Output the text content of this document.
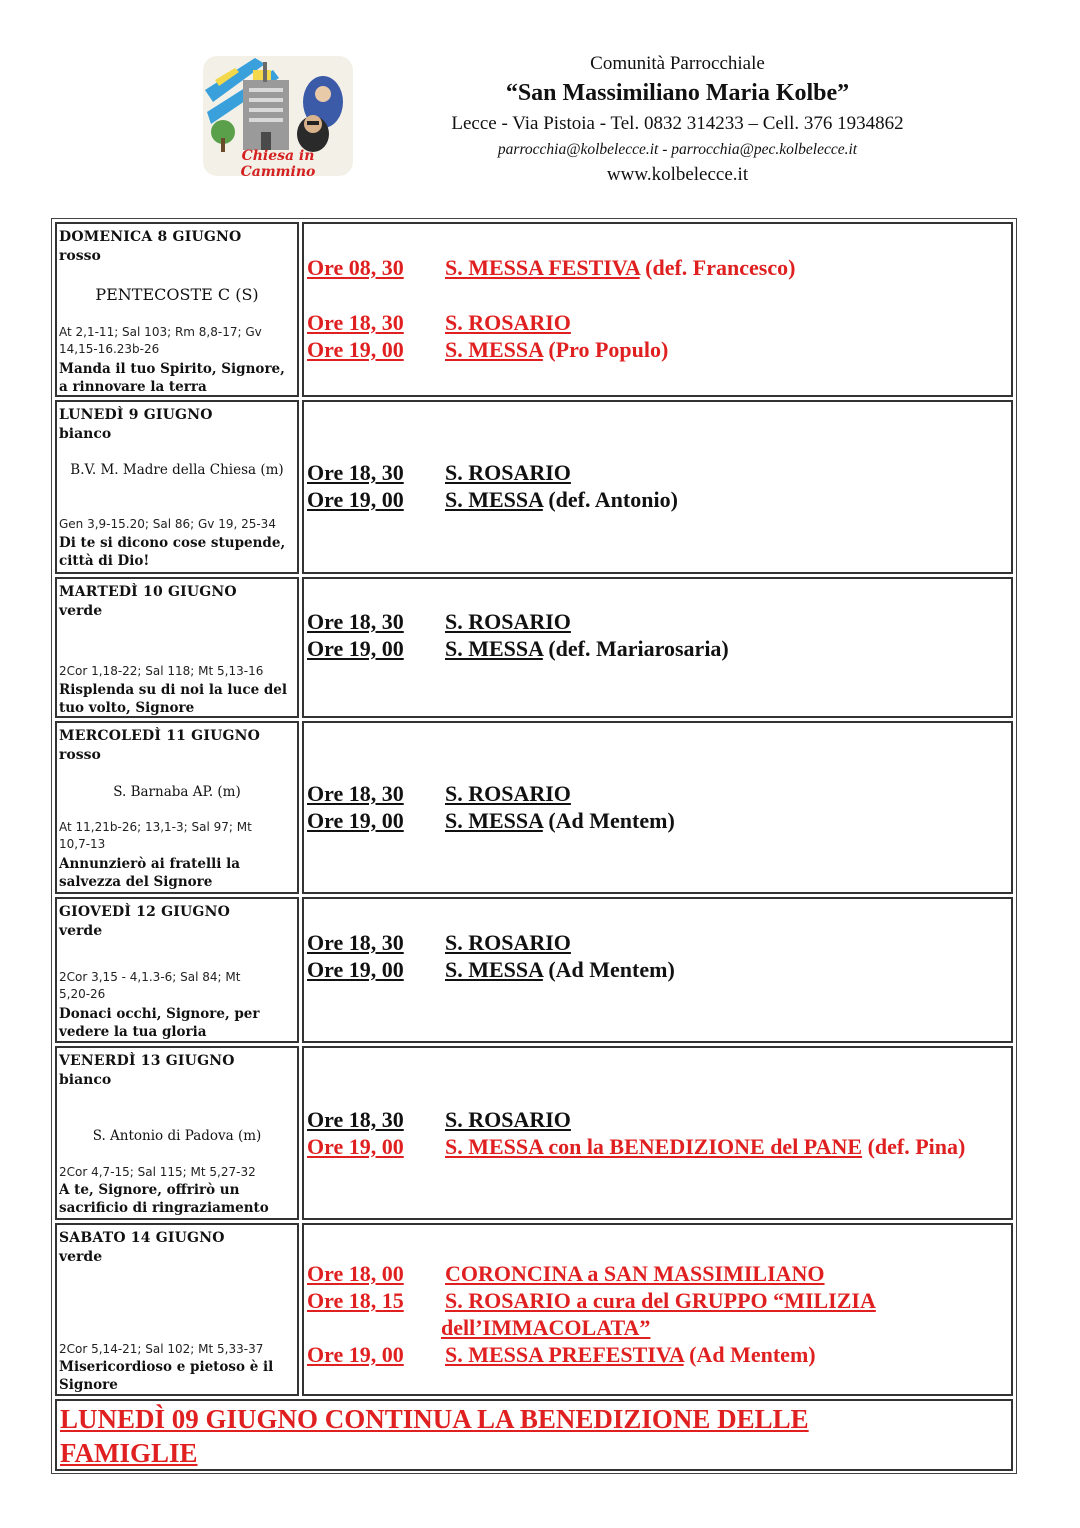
Chiesa in Cammino
Comunità Parrocchiale
“San Massimiliano Maria Kolbe”
Lecce - Via Pistoia - Tel. 0832 314233 – Cell. 376 1934862
parrocchia@kolbelecce.it - parrocchia@pec.kolbelecce.it
www.kolbelecce.it
DOMENICA 8 GIUGNO
rosso
PENTECOSTE C (S)
At 2,1-11; Sal 103; Rm 8,8-17; Gv 14,15-16.23b-26
Manda il tuo Spirito, Signore, a rinnovare la terra
Ore 08, 30 S. MESSA FESTIVA (def. Francesco)
Ore 18, 30 S. ROSARIO
Ore 19, 00 S. MESSA (Pro Populo)
LUNEDÌ 9 GIUGNO
bianco
B.V. M. Madre della Chiesa (m)
Gen 3,9-15.20; Sal 86; Gv 19, 25-34
Di te si dicono cose stupende, città di Dio!
Ore 18, 30 S. ROSARIO
Ore 19, 00 S. MESSA (def. Antonio)
MARTEDÌ 10 GIUGNO
verde
2Cor 1,18-22; Sal 118; Mt 5,13-16
Risplenda su di noi la luce del tuo volto, Signore
Ore 18, 30 S. ROSARIO
Ore 19, 00 S. MESSA (def. Mariarosaria)
MERCOLEDÌ 11 GIUGNO
rosso
S. Barnaba AP. (m)
At 11,21b-26; 13,1-3; Sal 97; Mt 10,7-13
Annunzierò ai fratelli la salvezza del Signore
Ore 18, 30 S. ROSARIO
Ore 19, 00 S. MESSA (Ad Mentem)
GIOVEDÌ 12 GIUGNO
verde
2Cor 3,15 - 4,1.3-6; Sal 84; Mt 5,20-26
Donaci occhi, Signore, per vedere la tua gloria
Ore 18, 30 S. ROSARIO
Ore 19, 00 S. MESSA (Ad Mentem)
VENERDÌ 13 GIUGNO
bianco
S. Antonio di Padova (m)
2Cor 4,7-15; Sal 115; Mt 5,27-32
A te, Signore, offrirò un sacrificio di ringraziamento
Ore 18, 30 S. ROSARIO
Ore 19, 00 S. MESSA con la BENEDIZIONE del PANE (def. Pina)
SABATO 14 GIUGNO
verde
2Cor 5,14-21; Sal 102; Mt 5,33-37
Misericordioso e pietoso è il Signore
Ore 18, 00 CORONCINA a SAN MASSIMILIANO
Ore 18, 15 S. ROSARIO a cura del GRUPPO “MILIZIA
dell’IMMACOLATA”
Ore 19, 00 S. MESSA PREFESTIVA (Ad Mentem)
LUNEDÌ 09 GIUGNO CONTINUA LA BENEDIZIONE DELLE FAMIGLIE
